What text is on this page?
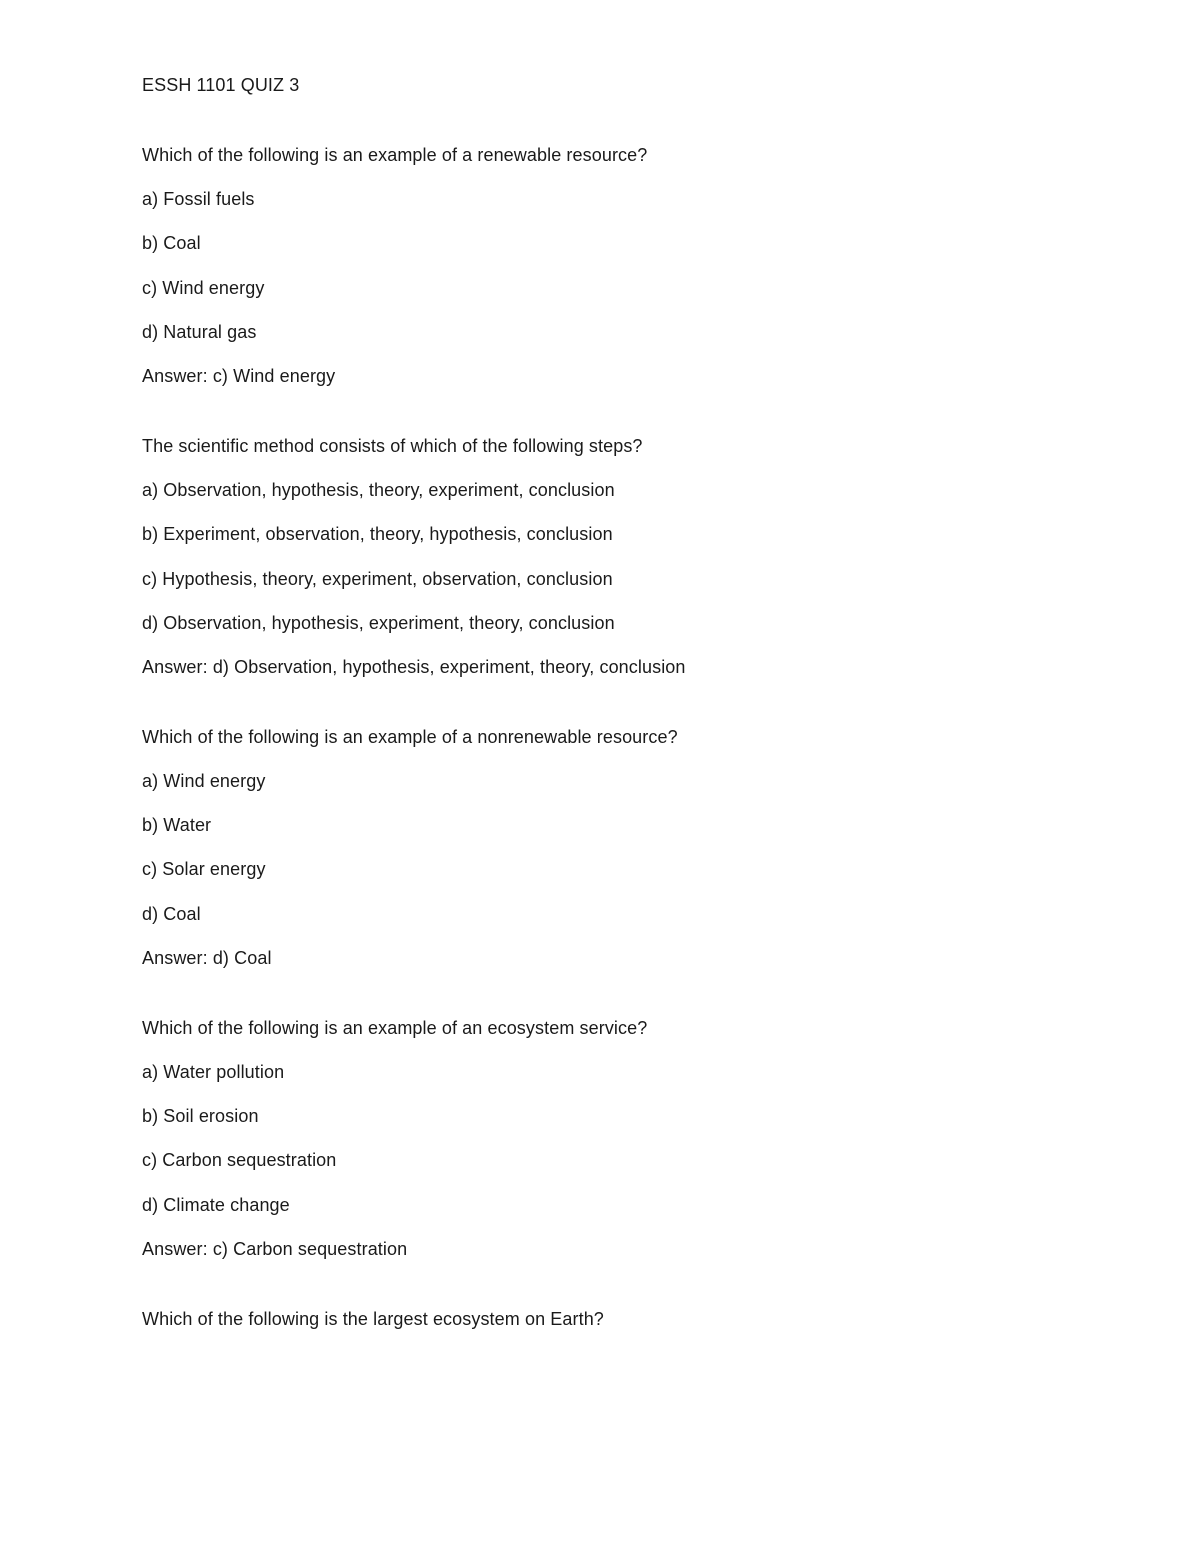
ESSH 1101 QUIZ 3
Which of the following is an example of a renewable resource?
a) Fossil fuels
b) Coal
c) Wind energy
d) Natural gas
Answer: c) Wind energy
The scientific method consists of which of the following steps?
a) Observation, hypothesis, theory, experiment, conclusion
b) Experiment, observation, theory, hypothesis, conclusion
c) Hypothesis, theory, experiment, observation, conclusion
d) Observation, hypothesis, experiment, theory, conclusion
Answer: d) Observation, hypothesis, experiment, theory, conclusion
Which of the following is an example of a nonrenewable resource?
a) Wind energy
b) Water
c) Solar energy
d) Coal
Answer: d) Coal
Which of the following is an example of an ecosystem service?
a) Water pollution
b) Soil erosion
c) Carbon sequestration
d) Climate change
Answer: c) Carbon sequestration
Which of the following is the largest ecosystem on Earth?
